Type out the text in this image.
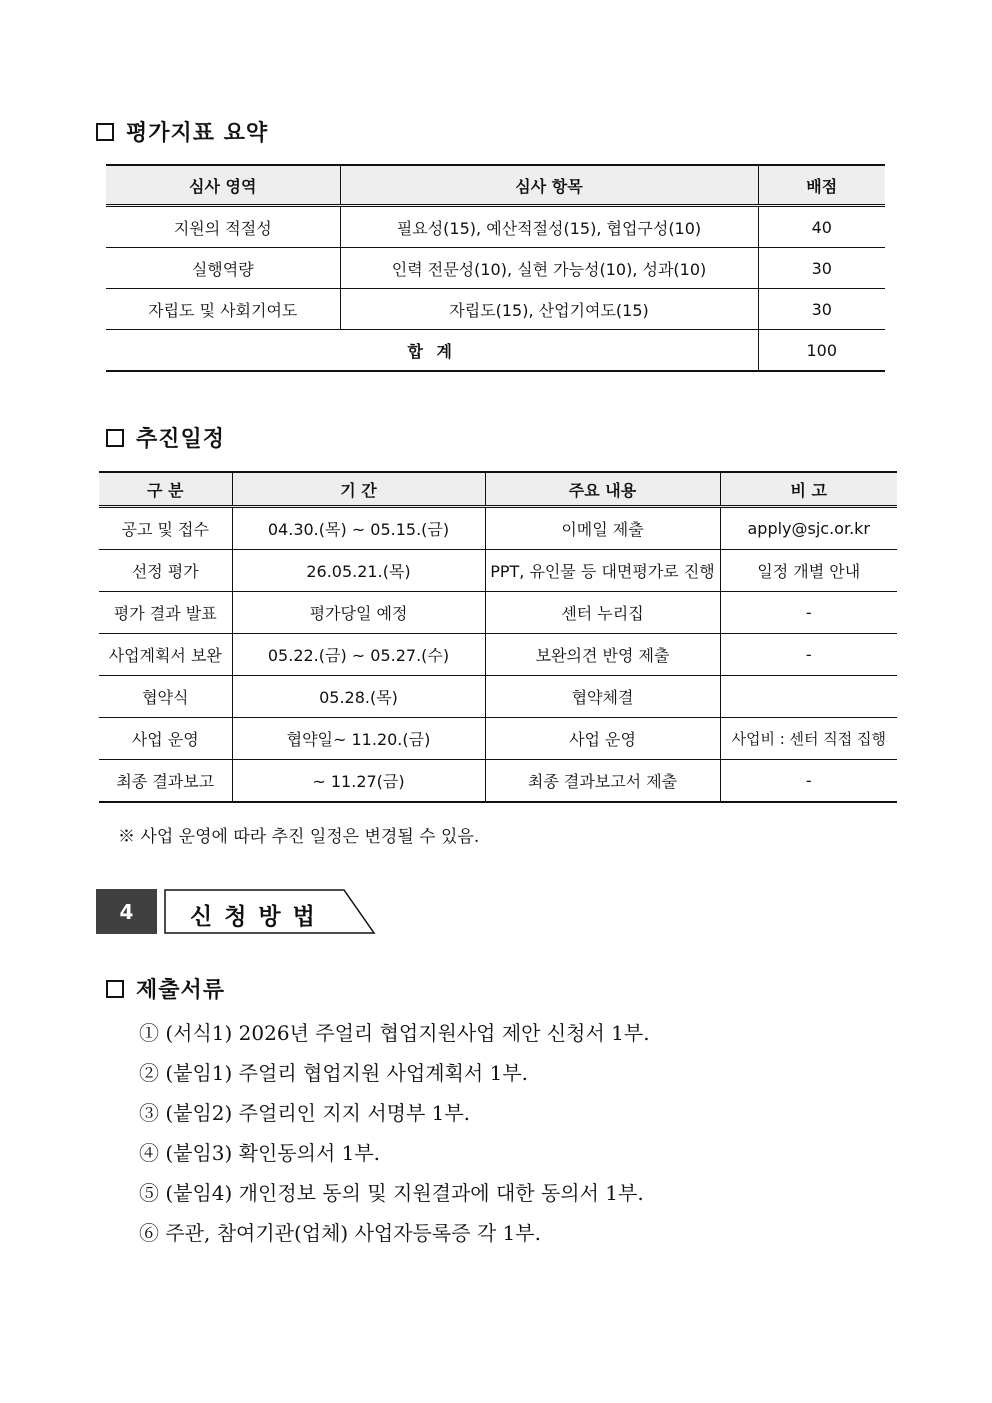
평가지표 요약
심사 영역	심사 항목	배점
지원의 적절성	필요성(15), 예산적절성(15), 협업구성(10)	40
실행역량	인력 전문성(10), 실현 가능성(10), 성과(10)	30
자립도 및 사회기여도	자립도(15), 산업기여도(15)	30
합 계		100
추진일정
구 분	기 간	주요 내용	비 고
공고 및 접수	04.30.(목) ~ 05.15.(금)	이메일 제출	apply@sjc.or.kr
선정 평가	26.05.21.(목)	PPT, 유인물 등 대면평가로 진행	일정 개별 안내
평가 결과 발표	평가당일 예정	센터 누리집	-
사업계획서 보완	05.22.(금) ~ 05.27.(수)	보완의견 반영 제출	-
협약식	05.28.(목)	협약체결	
사업 운영	협약일~ 11.20.(금)	사업 운영	사업비 : 센터 직접 집행
최종 결과보고	~ 11.27(금)	최종 결과보고서 제출	-
※ 사업 운영에 따라 추진 일정은 변경될 수 있음.
4	신청방법
제출서류
① (서식1) 2026년 주얼리 협업지원사업 제안 신청서 1부.
② (붙임1) 주얼리 협업지원 사업계획서 1부.
③ (붙임2) 주얼리인 지지 서명부 1부.
④ (붙임3) 확인동의서 1부.
⑤ (붙임4) 개인정보 동의 및 지원결과에 대한 동의서 1부.
⑥ 주관, 참여기관(업체) 사업자등록증 각 1부.
